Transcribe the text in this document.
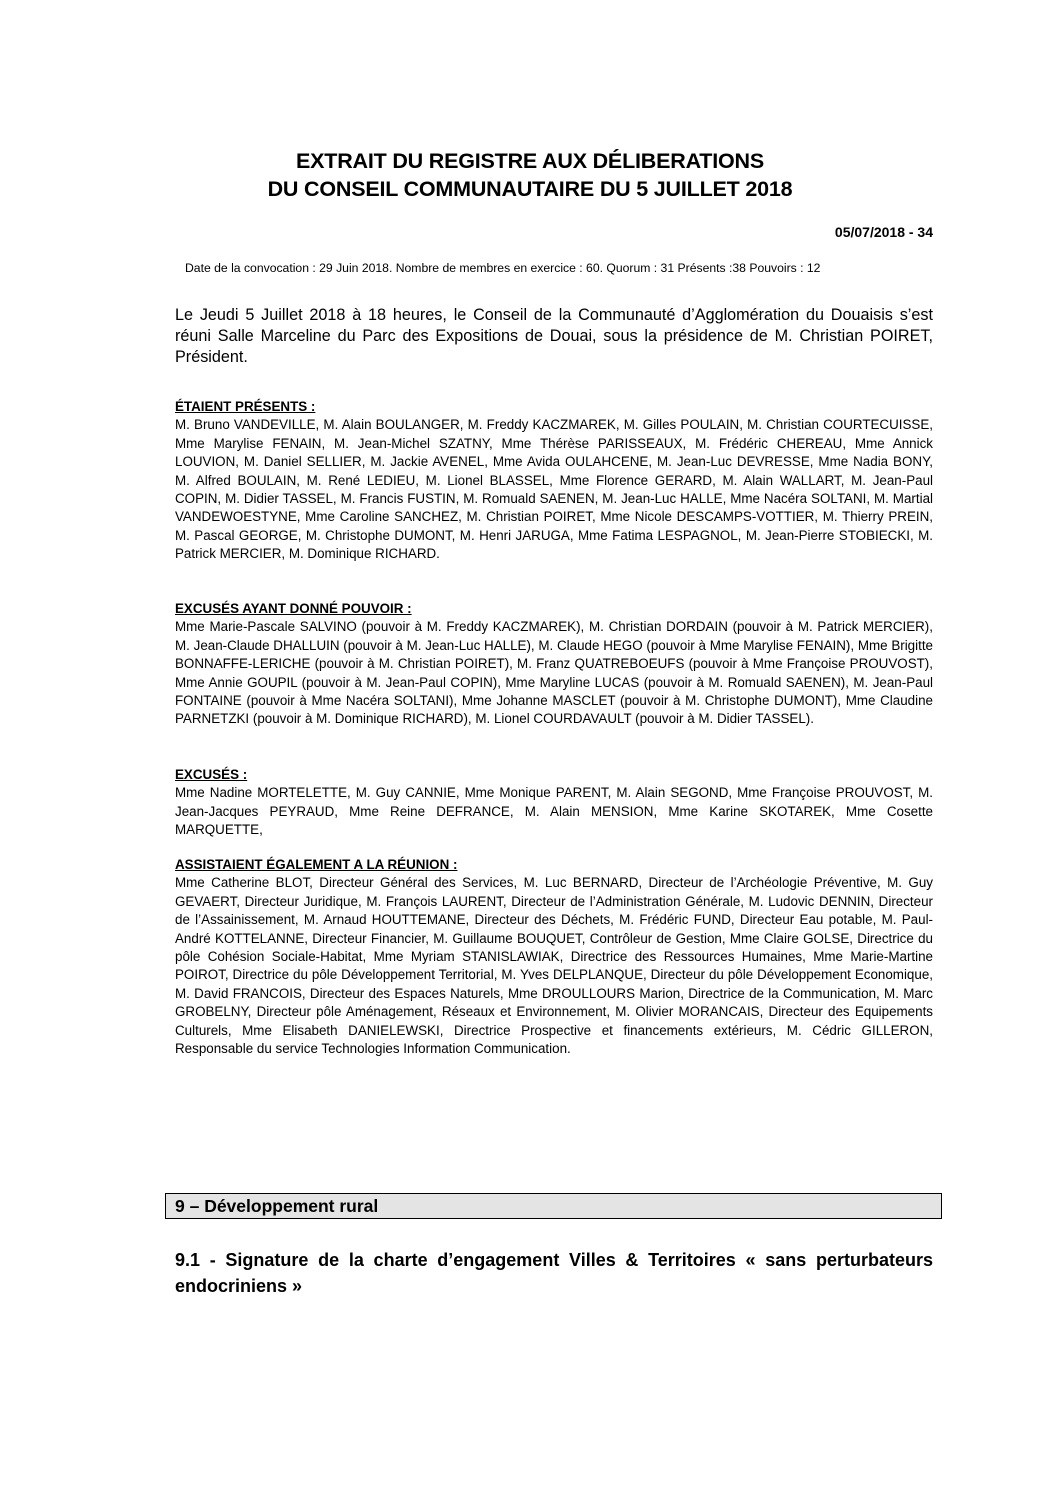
EXTRAIT DU REGISTRE AUX DÉLIBERATIONS
DU CONSEIL COMMUNAUTAIRE DU 5 JUILLET 2018
05/07/2018 - 34
Date de la convocation : 29 Juin 2018. Nombre de membres en exercice : 60. Quorum : 31 Présents :38 Pouvoirs : 12
Le Jeudi 5 Juillet 2018 à 18 heures, le Conseil de la Communauté d’Agglomération du Douaisis s’est réuni Salle Marceline du Parc des Expositions de Douai, sous la présidence de M. Christian POIRET, Président.
ÉTAIENT PRÉSENTS :
M. Bruno VANDEVILLE, M. Alain BOULANGER, M. Freddy KACZMAREK, M. Gilles POULAIN, M. Christian COURTECUISSE, Mme Marylise FENAIN, M. Jean-Michel SZATNY, Mme Thérèse PARISSEAUX, M. Frédéric CHEREAU, Mme Annick LOUVION, M. Daniel SELLIER, M. Jackie AVENEL, Mme Avida OULAHCENE, M. Jean-Luc DEVRESSE, Mme Nadia BONY, M. Alfred BOULAIN, M. René LEDIEU, M. Lionel BLASSEL, Mme Florence GERARD, M. Alain WALLART, M. Jean-Paul COPIN, M. Didier TASSEL, M. Francis FUSTIN, M. Romuald SAENEN, M. Jean-Luc HALLE, Mme Nacéra SOLTANI, M. Martial VANDEWOESTYNE, Mme Caroline SANCHEZ, M. Christian POIRET, Mme Nicole DESCAMPS-VOTTIER, M. Thierry PREIN, M. Pascal GEORGE, M. Christophe DUMONT, M. Henri JARUGA, Mme Fatima LESPAGNOL, M. Jean-Pierre STOBIECKI, M. Patrick MERCIER, M. Dominique RICHARD.
EXCUSÉS AYANT DONNÉ POUVOIR :
Mme Marie-Pascale SALVINO (pouvoir à M. Freddy KACZMAREK), M. Christian DORDAIN (pouvoir à M. Patrick MERCIER), M. Jean-Claude DHALLUIN (pouvoir à M. Jean-Luc HALLE), M. Claude HEGO (pouvoir à Mme Marylise FENAIN), Mme Brigitte BONNAFFE-LERICHE (pouvoir à M. Christian POIRET), M. Franz QUATREBOEUFS (pouvoir à Mme Françoise PROUVOST), Mme Annie GOUPIL (pouvoir à M. Jean-Paul COPIN), Mme Maryline LUCAS (pouvoir à M. Romuald SAENEN), M. Jean-Paul FONTAINE (pouvoir à Mme Nacéra SOLTANI), Mme Johanne MASCLET (pouvoir à M. Christophe DUMONT), Mme Claudine PARNETZKI (pouvoir à M. Dominique RICHARD), M. Lionel COURDAVAULT (pouvoir à M. Didier TASSEL).
EXCUSÉS :
Mme Nadine MORTELETTE, M. Guy CANNIE, Mme Monique PARENT, M. Alain SEGOND, Mme Françoise PROUVOST, M. Jean-Jacques PEYRAUD, Mme Reine DEFRANCE, M. Alain MENSION, Mme Karine SKOTAREK, Mme Cosette MARQUETTE,
ASSISTAIENT ÉGALEMENT A LA RÉUNION :
Mme Catherine BLOT, Directeur Général des Services, M. Luc BERNARD, Directeur de l’Archéologie Préventive, M. Guy GEVAERT, Directeur Juridique, M. François LAURENT, Directeur de l’Administration Générale, M. Ludovic DENNIN, Directeur de l’Assainissement, M. Arnaud HOUTTEMANE, Directeur des Déchets, M. Frédéric FUND, Directeur Eau potable, M. Paul-André KOTTELANNE, Directeur Financier, M. Guillaume BOUQUET, Contrôleur de Gestion, Mme Claire GOLSE, Directrice du pôle Cohésion Sociale-Habitat, Mme Myriam STANISLAWIAK, Directrice des Ressources Humaines, Mme Marie-Martine POIROT, Directrice du pôle Développement Territorial, M. Yves DELPLANQUE, Directeur du pôle Développement Economique, M. David FRANCOIS, Directeur des Espaces Naturels, Mme DROULLOURS Marion, Directrice de la Communication, M. Marc GROBELNY, Directeur pôle Aménagement, Réseaux et Environnement, M. Olivier MORANCAIS, Directeur des Equipements Culturels, Mme Elisabeth DANIELEWSKI, Directrice Prospective et financements extérieurs, M. Cédric GILLERON, Responsable du service Technologies Information Communication.
9 – Développement rural
9.1 - Signature de la charte d’engagement Villes & Territoires « sans perturbateurs endocriniens »
